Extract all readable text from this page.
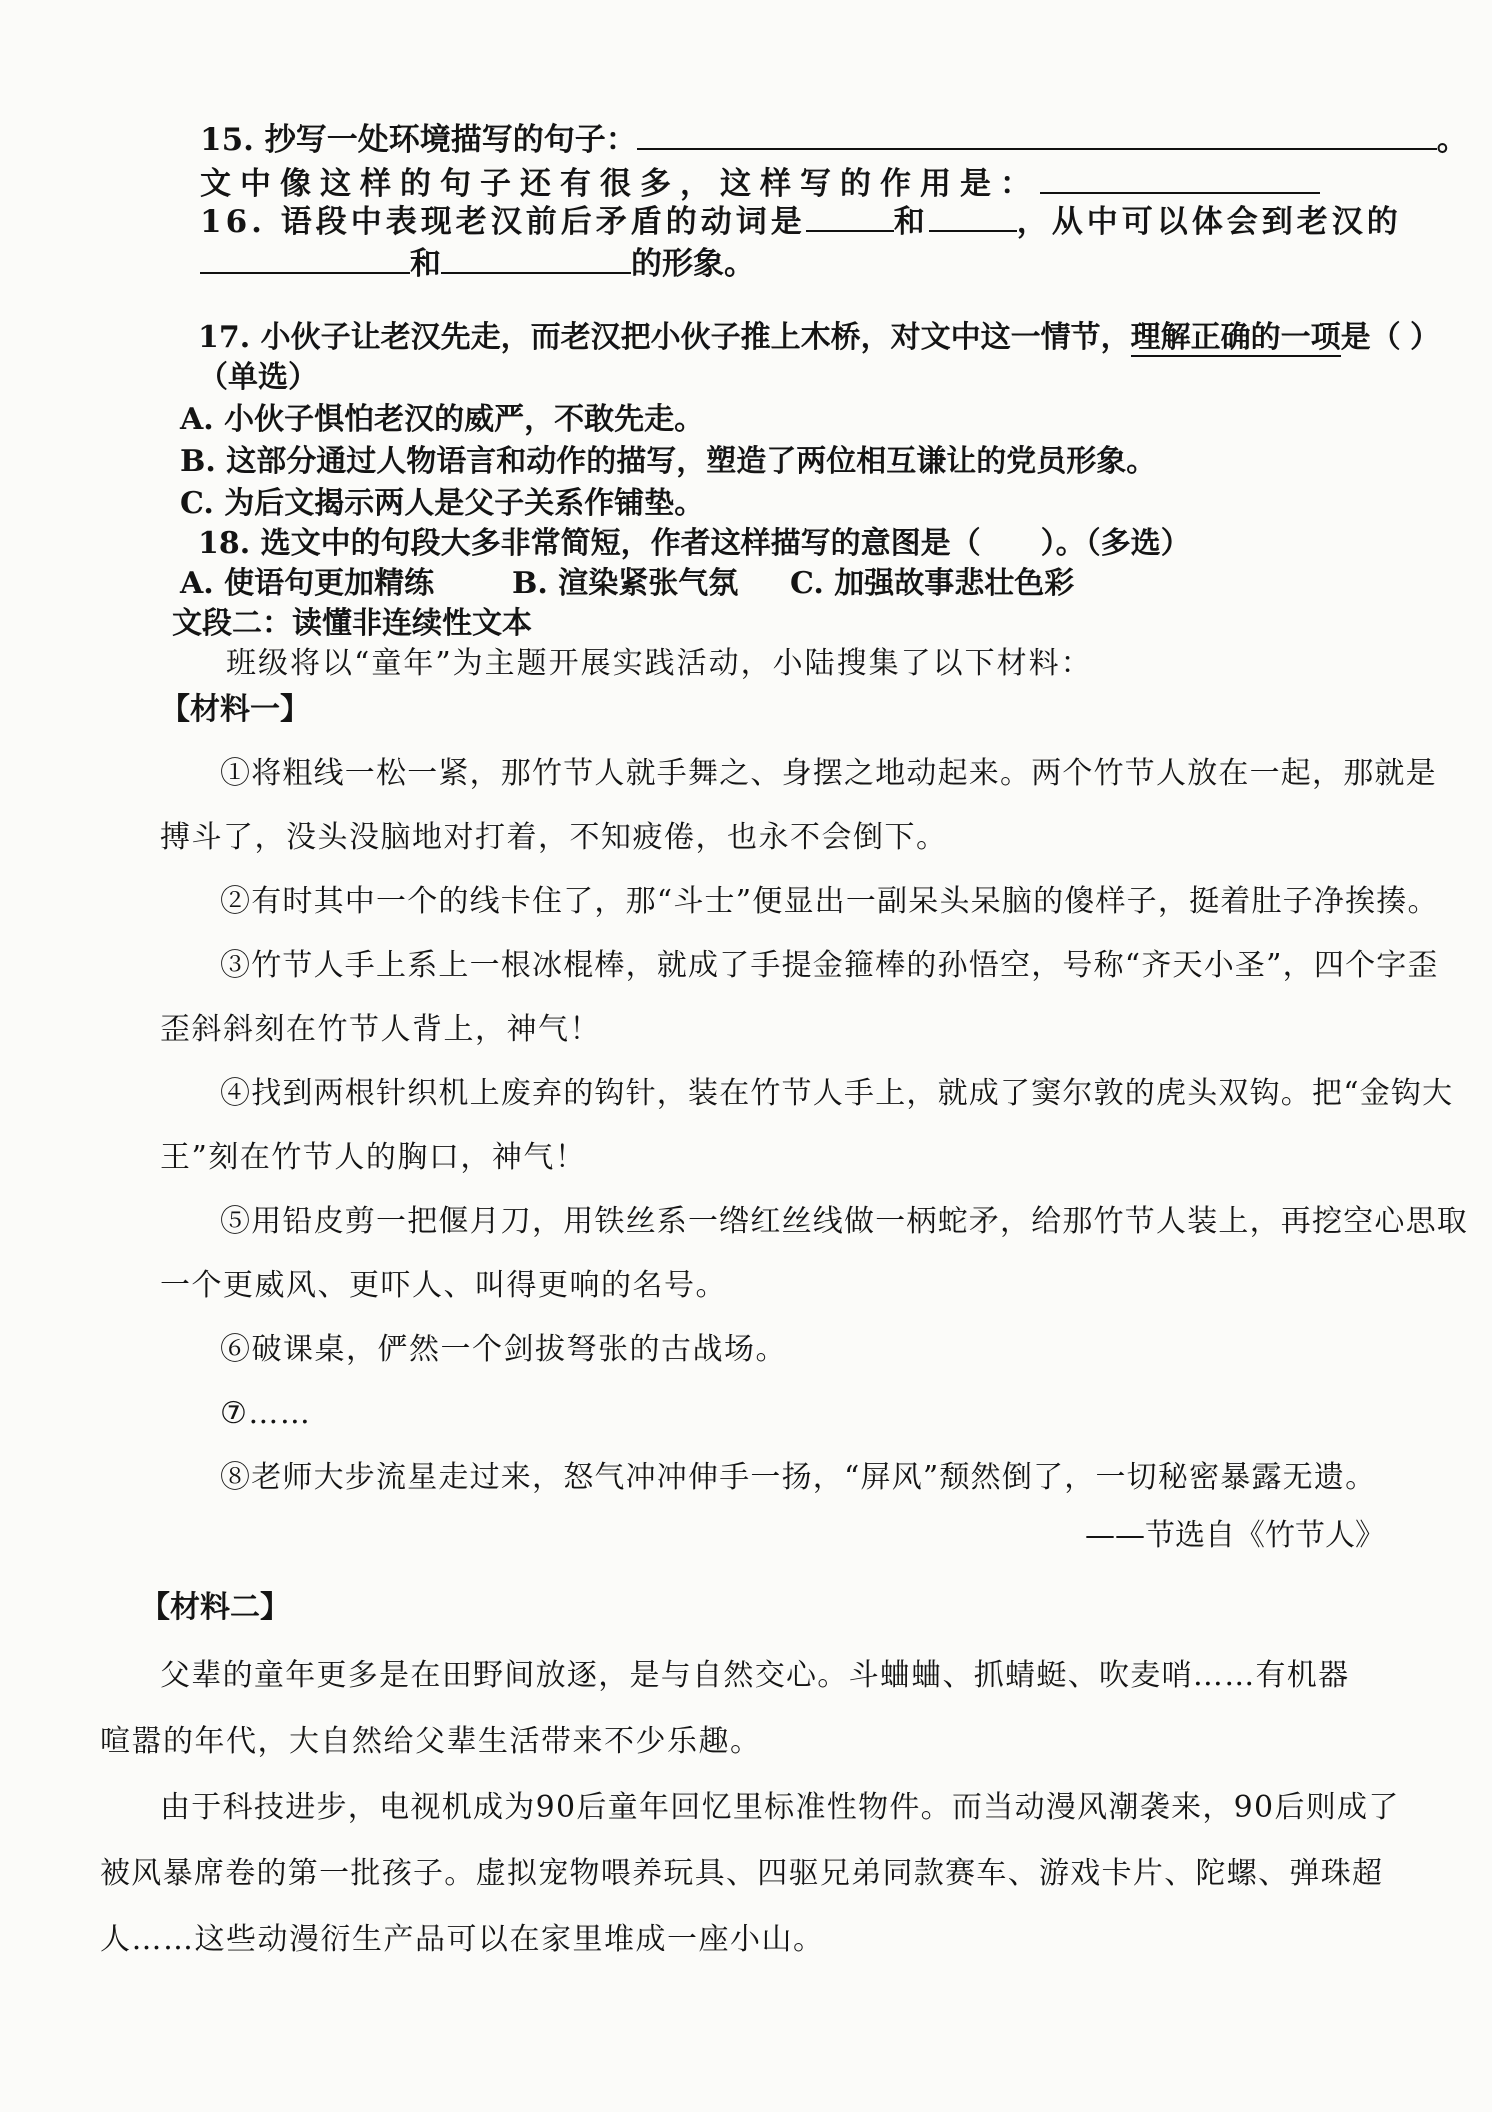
15. 抄写一处环境描写的句子：	。
文中像这样的句子还有很多，这样写的作用是：
16. 语段中表现老汉前后矛盾的动词是	和	，从中可以体会到老汉的
和	的形象。
17. 小伙子让老汉先走，而老汉把小伙子推上木桥，对文中这一情节，理解正确的一项是（ ）
（单选）
A. 小伙子惧怕老汉的威严，不敢先走。
B. 这部分通过人物语言和动作的描写，塑造了两位相互谦让的党员形象。
C. 为后文揭示两人是父子关系作铺垫。
18. 选文中的句段大多非常简短，作者这样描写的意图是（　　）。（多选）
A. 使语句更加精练	B. 渲染紧张气氛 C. 加强故事悲壮色彩
文段二：读懂非连续性文本
班级将以“童年”为主题开展实践活动，小陆搜集了以下材料：
【材料一】
①将粗线一松一紧，那竹节人就手舞之、身摆之地动起来。两个竹节人放在一起，那就是
搏斗了，没头没脑地对打着，不知疲倦，也永不会倒下。
②有时其中一个的线卡住了，那“斗士”便显出一副呆头呆脑的傻样子，挺着肚子净挨揍。
③竹节人手上系上一根冰棍棒，就成了手提金箍棒的孙悟空，号称“齐天小圣”，四个字歪
歪斜斜刻在竹节人背上，神气！
④找到两根针织机上废弃的钩针，装在竹节人手上，就成了窦尔敦的虎头双钩。把“金钩大
王”刻在竹节人的胸口，神气！
⑤用铅皮剪一把偃月刀，用铁丝系一绺红丝线做一柄蛇矛，给那竹节人装上，再挖空心思取
一个更威风、更吓人、叫得更响的名号。
⑥破课桌，俨然一个剑拔弩张的古战场。
⑦……
⑧老师大步流星走过来，怒气冲冲伸手一扬，“屏风”颓然倒了，一切秘密暴露无遗。
——节选自《竹节人》
【材料二】
父辈的童年更多是在田野间放逐，是与自然交心。斗蛐蛐、抓蜻蜓、吹麦哨……有机器
喧嚣的年代，大自然给父辈生活带来不少乐趣。
由于科技进步，电视机成为90后童年回忆里标准性物件。而当动漫风潮袭来，90后则成了
被风暴席卷的第一批孩子。虚拟宠物喂养玩具、四驱兄弟同款赛车、游戏卡片、陀螺、弹珠超
人……这些动漫衍生产品可以在家里堆成一座小山。
